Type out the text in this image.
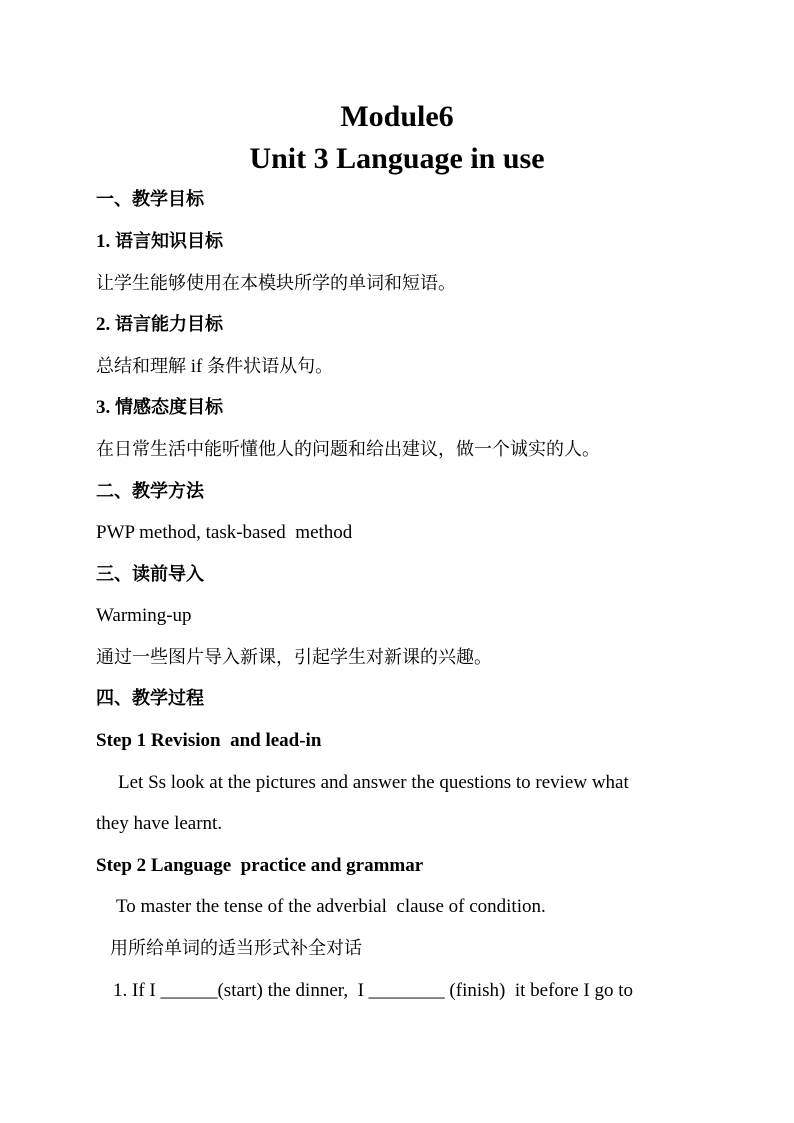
Module6
Unit 3 Language in use
一、教学目标
1. 语言知识目标
让学生能够使用在本模块所学的单词和短语。
2. 语言能力目标
总结和理解 if 条件状语从句。
3. 情感态度目标
在日常生活中能听懂他人的问题和给出建议，做一个诚实的人。
二、教学方法
PWP method, task-based  method
三、读前导入
Warming-up
通过一些图片导入新课，引起学生对新课的兴趣。
四、教学过程
Step 1 Revision  and lead-in
Let Ss look at the pictures and answer the questions to review what
they have learnt.
Step 2 Language  practice and grammar
To master the tense of the adverbial  clause of condition.
用所给单词的适当形式补全对话
1. If I ______(start) the dinner,  I ________ (finish)  it before I go to
